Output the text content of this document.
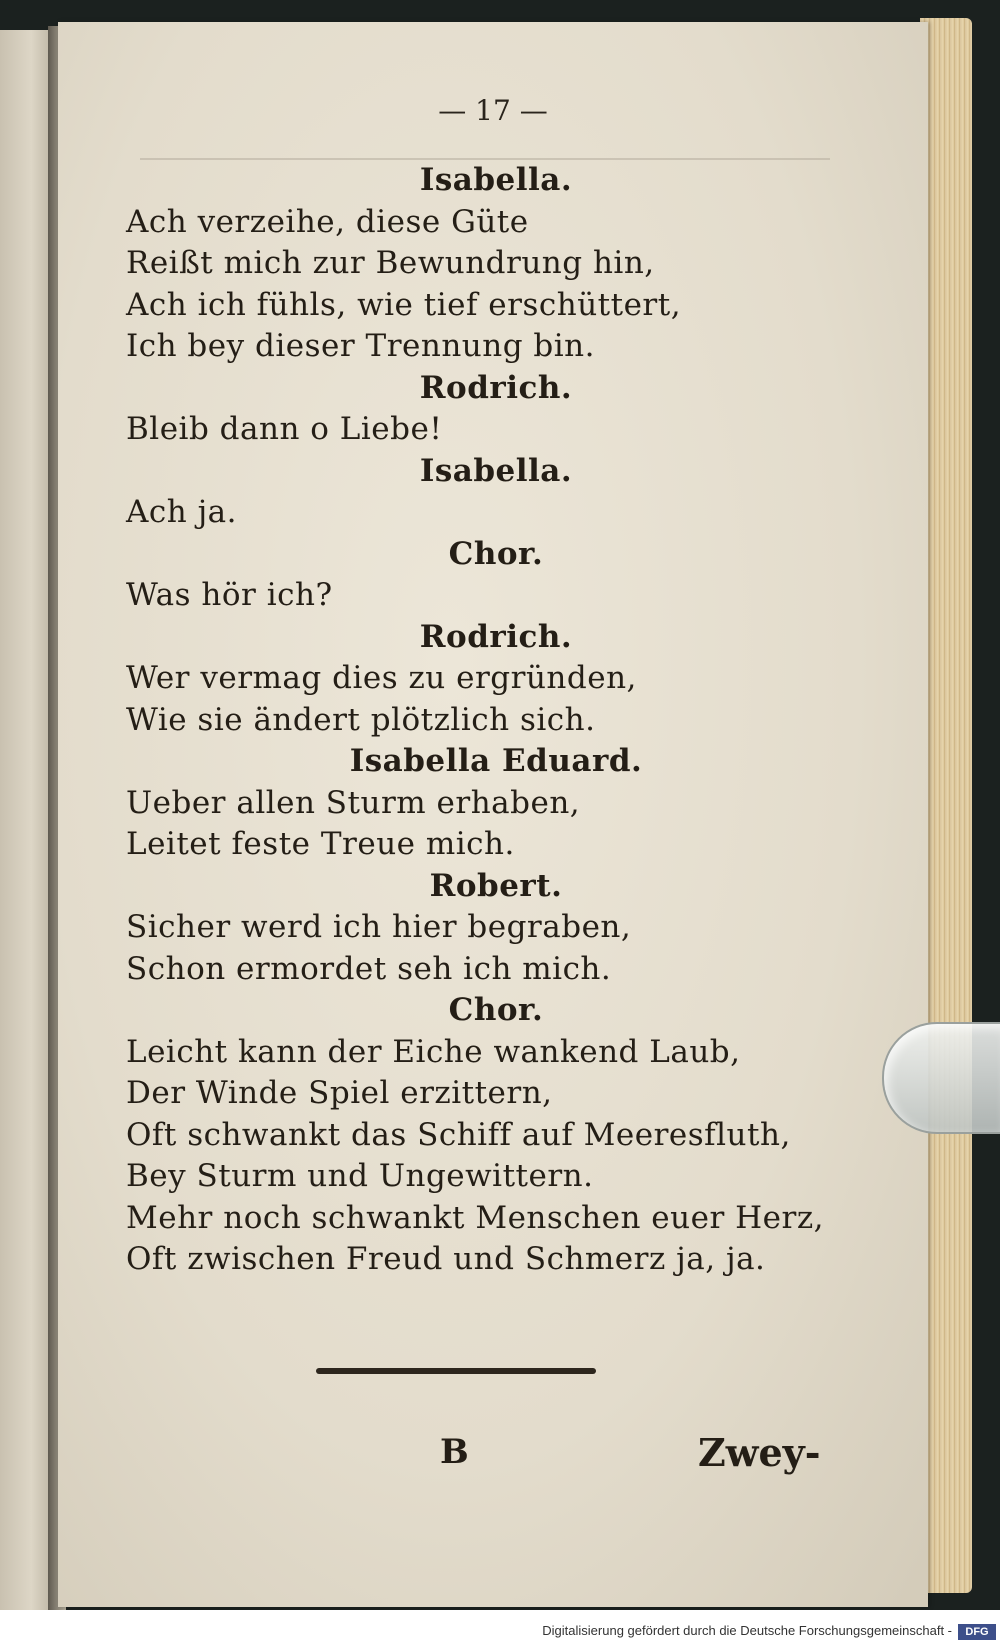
— 17 —
Isabella.
Ach verzeihe, diese Güte
Reißt mich zur Bewundrung hin,
Ach ich fühls, wie tief erschüttert,
Ich bey dieser Trennung bin.
Rodrich.
Bleib dann o Liebe!
Isabella.
Ach ja.
Chor.
Was hör ich?
Rodrich.
Wer vermag dies zu ergründen,
Wie sie ändert plötzlich sich.
Isabella Eduard.
Ueber allen Sturm erhaben,
Leitet feste Treue mich.
Robert.
Sicher werd ich hier begraben,
Schon ermordet seh ich mich.
Chor.
Leicht kann der Eiche wankend Laub,
Der Winde Spiel erzittern,
Oft schwankt das Schiff auf Meeresfluth,
Bey Sturm und Ungewittern.
Mehr noch schwankt Menschen euer Herz,
Oft zwischen Freud und Schmerz ja, ja.
B	Zwey-
Digitalisierung gefördert durch die Deutsche Forschungsgemeinschaft -	DFG
